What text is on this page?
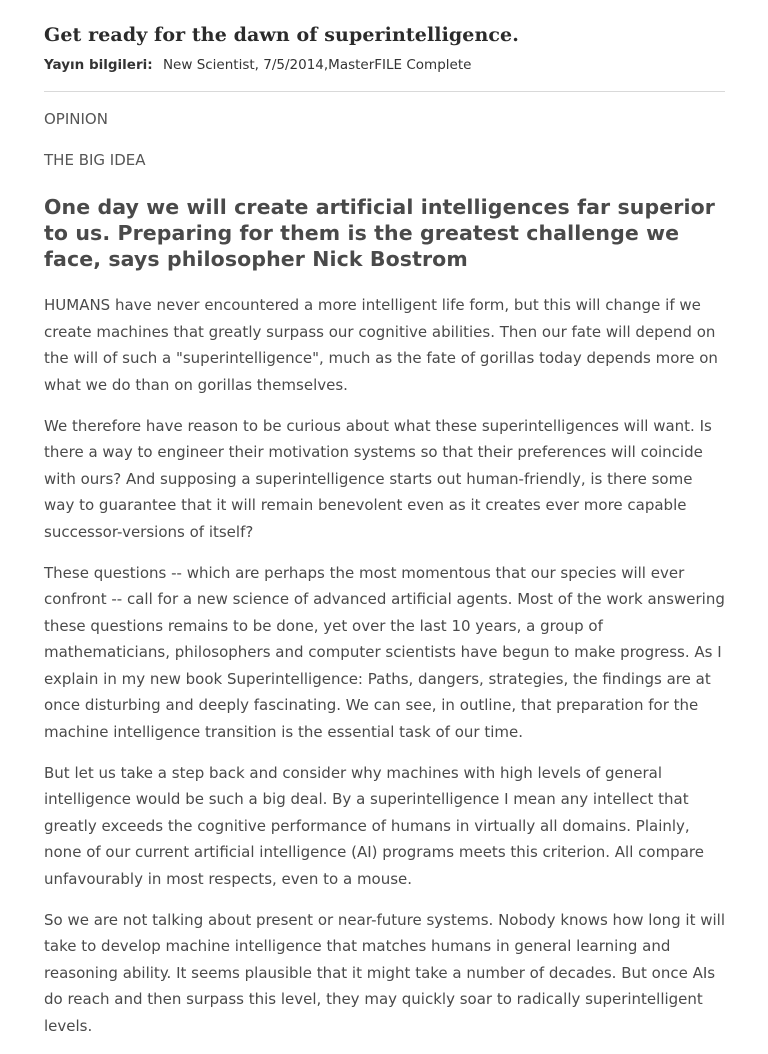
Get ready for the dawn of superintelligence.
Yayın bilgileri: New Scientist, 7/5/2014,MasterFILE Complete
OPINION
THE BIG IDEA
One day we will create artificial intelligences far superior to us. Preparing for them is the greatest challenge we face, says philosopher Nick Bostrom

HUMANS have never encountered a more intelligent life form, but this will change if we create machines that greatly surpass our cognitive abilities. Then our fate will depend on the will of such a "superintelligence", much as the fate of gorillas today depends more on what we do than on gorillas themselves.

We therefore have reason to be curious about what these superintelligences will want. Is there a way to engineer their motivation systems so that their preferences will coincide with ours? And supposing a superintelligence starts out human-friendly, is there some way to guarantee that it will remain benevolent even as it creates ever more capable successor-versions of itself?

These questions -- which are perhaps the most momentous that our species will ever confront -- call for a new science of advanced artificial agents. Most of the work answering these questions remains to be done, yet over the last 10 years, a group of mathematicians, philosophers and computer scientists have begun to make progress. As I explain in my new book Superintelligence: Paths, dangers, strategies, the findings are at once disturbing and deeply fascinating. We can see, in outline, that preparation for the machine intelligence transition is the essential task of our time.

But let us take a step back and consider why machines with high levels of general intelligence would be such a big deal. By a superintelligence I mean any intellect that greatly exceeds the cognitive performance of humans in virtually all domains. Plainly, none of our current artificial intelligence (AI) programs meets this criterion. All compare unfavourably in most respects, even to a mouse.

So we are not talking about present or near-future systems. Nobody knows how long it will take to develop machine intelligence that matches humans in general learning and reasoning ability. It seems plausible that it might take a number of decades. But once AIs do reach and then surpass this level, they may quickly soar to radically superintelligent levels.
